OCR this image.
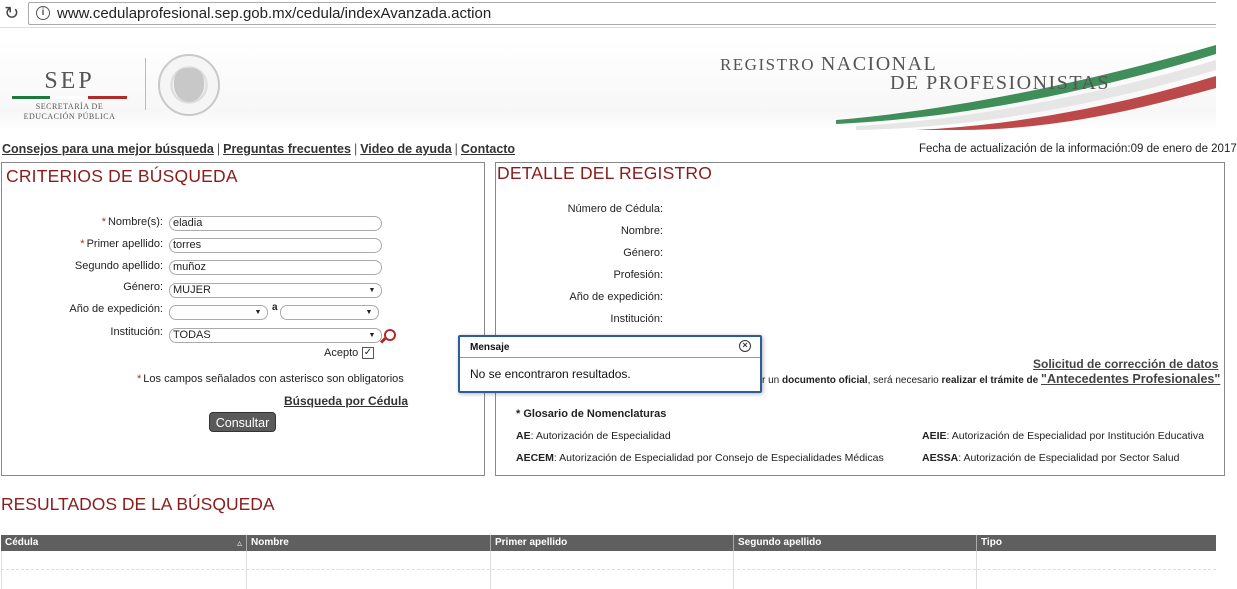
↻	i www.cedulaprofesional.sep.gob.mx/cedula/indexAvanzada.action
SEP
SECRETARÍA DE
EDUCACIÓN PÚBLICA
REGISTRO NACIONAL
DE PROFESIONISTAS
Consejos para una mejor búsqueda | Preguntas frecuentes | Video de ayuda | Contacto	Fecha de actualización de la información:09 de enero de 2017
CRITERIOS DE BÚSQUEDA
* Nombre(s): eladia
* Primer apellido: torres
Segundo apellido: muñoz
Género: MUJER	▼
Año de expedición:	▼ a	▼
Institución: TODAS	▼
Acepto ✓
* Los campos señalados con asterisco son obligatorios
Búsqueda por Cédula
Consultar
DETALLE DEL REGISTRO
Número de Cédula:
Nombre:
Género:
Profesión:
Año de expedición:
Institución:
Solicitud de corrección de datos
r un documento oficial, será necesario realizar el trámite de "Antecedentes Profesionales"
* Glosario de Nomenclaturas
AE: Autorización de Especialidad	AEIE: Autorización de Especialidad por Institución Educativa
AECEM: Autorización de Especialidad por Consejo de Especialidades Médicas	AESSA: Autorización de Especialidad por Sector Salud
RESULTADOS DE LA BÚSQUEDA
Cédula	▵ Nombre	Primer apellido	Segundo apellido	Tipo
Mensaje	×
No se encontraron resultados.
